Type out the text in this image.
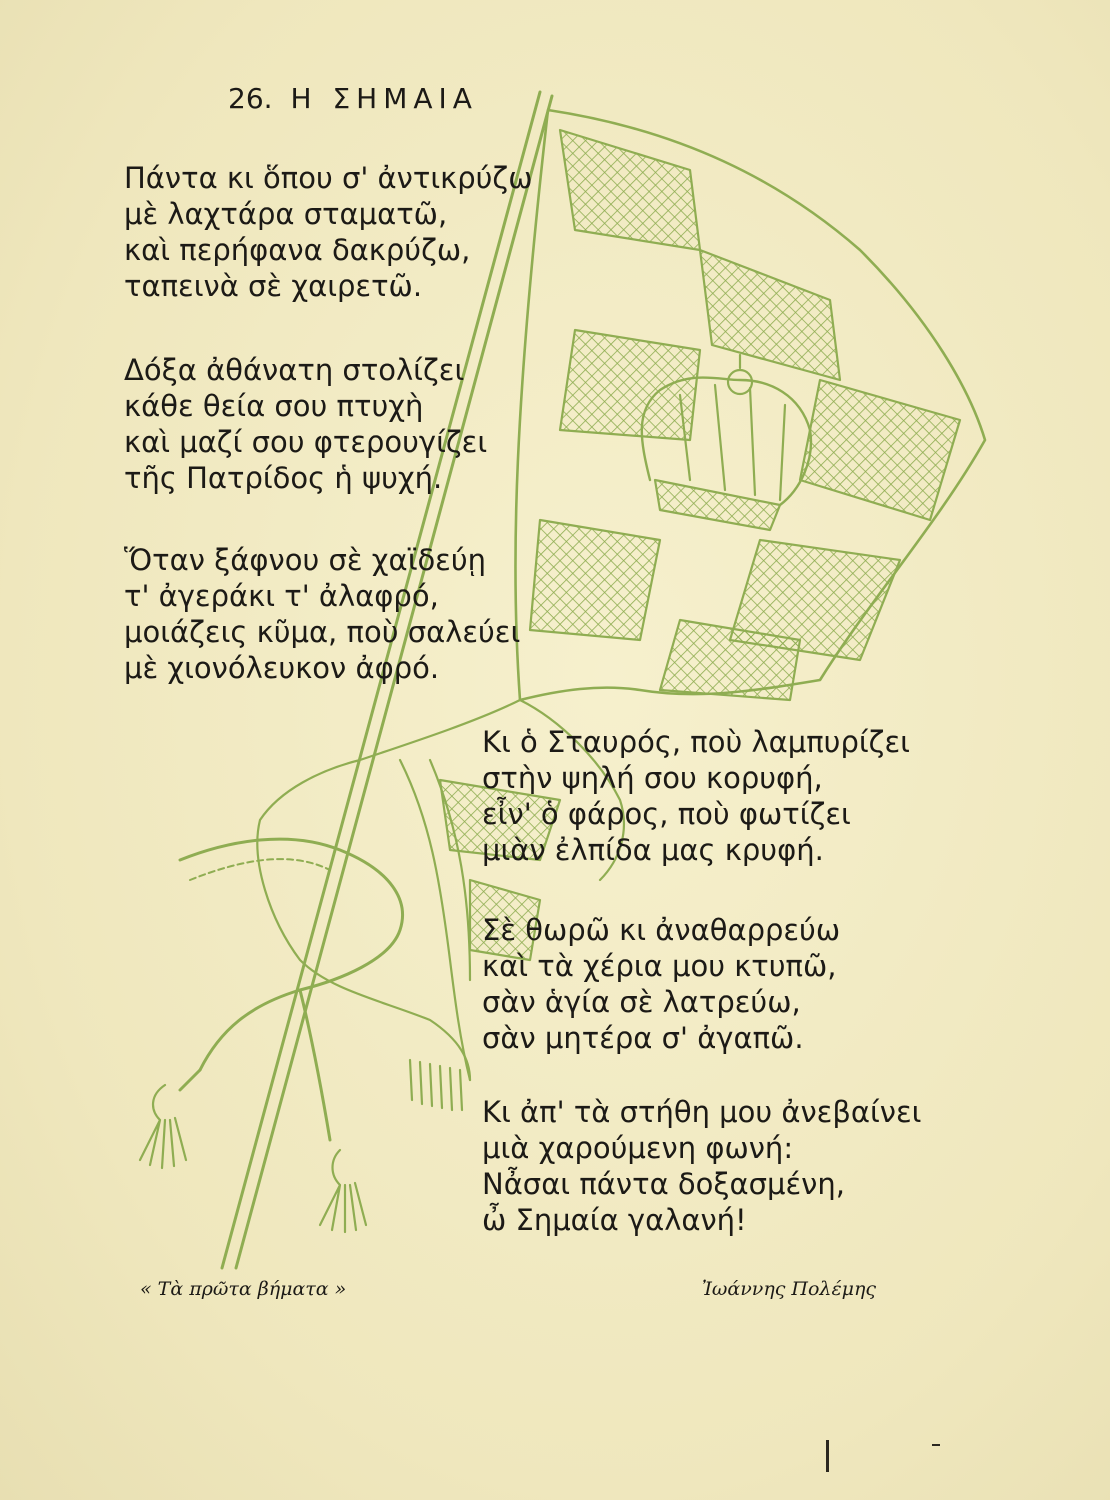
26. Η ΣΗΜΑΙΑ
Πάντα κι ὅπου σ' ἀντικρύζω
μὲ λαχτάρα σταματῶ,
καὶ περήφανα δακρύζω,
ταπεινὰ σὲ χαιρετῶ.
Δόξα ἀθάνατη στολίζει
κάθε θεία σου πτυχὴ
καὶ μαζί σου φτερουγίζει
τῆς Πατρίδος ἡ ψυχή.
Ὅταν ξάφνου σὲ χαϊδεύῃ
τ' ἀγεράκι τ' ἀλαφρό,
μοιάζεις κῦμα, ποὺ σαλεύει
μὲ χιονόλευκον ἀφρό.
Κι ὁ Σταυρός, ποὺ λαμπυρίζει
στὴν ψηλή σου κορυφή,
εἶν' ὁ φάρος, ποὺ φωτίζει
μιὰν ἐλπίδα μας κρυφή.
Σὲ θωρῶ κι ἀναθαρρεύω
καὶ τὰ χέρια μου κτυπῶ,
σὰν ἁγία σὲ λατρεύω,
σὰν μητέρα σ' ἀγαπῶ.
Κι ἀπ' τὰ στήθη μου ἀνεβαίνει
μιὰ χαρούμενη φωνή:
Νἆσαι πάντα δοξασμένη,
ὦ Σημαία γαλανή!
« Τὰ πρῶτα βήματα »	Ἰωάννης Πολέμης
